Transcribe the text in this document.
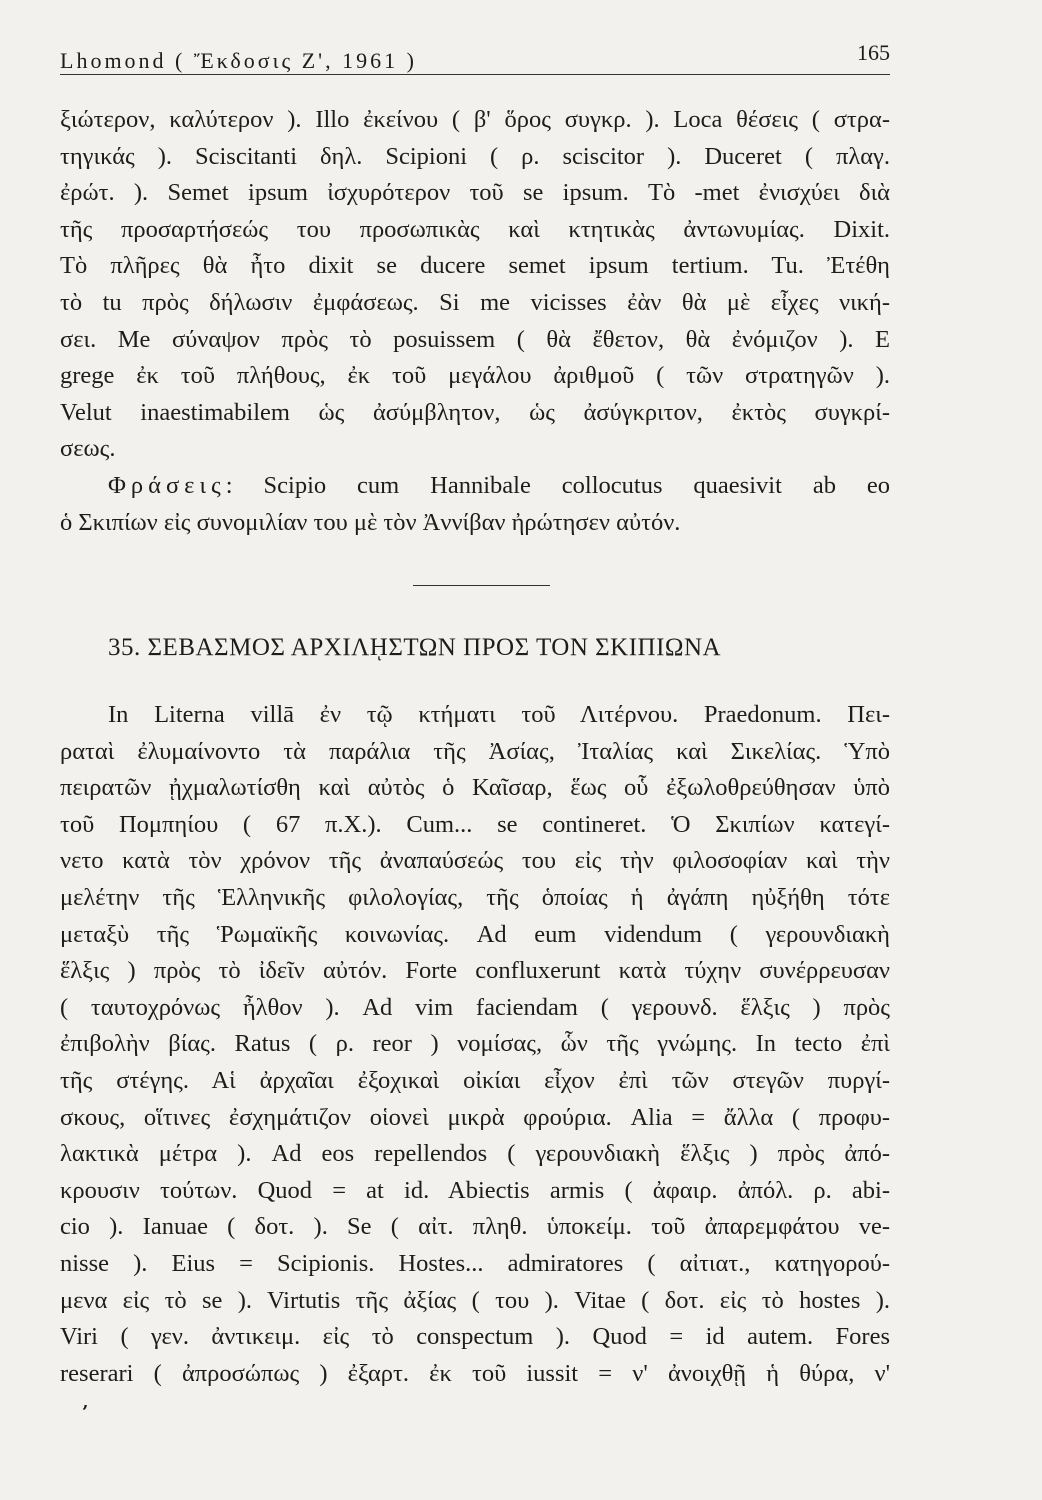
Lhomond ( Ἔκδοσις Ζ', 1961 )	165
ξιώτερον, καλύτερον ). Illo ἐκείνου ( β' ὅρος συγκρ. ). Loca θέσεις ( στρα-
τηγικάς ). Sciscitanti δηλ. Scipioni ( ρ. sciscitor ). Duceret ( πλαγ.
ἐρώτ. ). Semet ipsum ἰσχυρότερον τοῦ se ipsum. Τὸ -met ἐνισχύει διὰ
τῆς προσαρτήσεώς του προσωπικὰς καὶ κτητικὰς ἀντωνυμίας. Dixit.
Τὸ πλῆρες θὰ ἦτο dixit se ducere semet ipsum tertium. Tu. Ἐτέθη
τὸ tu πρὸς δήλωσιν ἐμφάσεως. Si me vicisses ἐὰν θὰ μὲ εἶχες νική-
σει. Me σύναψον πρὸς τὸ posuissem ( θὰ ἔθετον, θὰ ἐνόμιζον ). E
grege ἐκ τοῦ πλήθους, ἐκ τοῦ μεγάλου ἀριθμοῦ ( τῶν στρατηγῶν ).
Velut inaestimabilem ὡς ἀσύμβλητον, ὡς ἀσύγκριτον, ἐκτὸς συγκρί-
σεως.
Φράσεις: Scipio cum Hannibale collocutus quaesivit ab eo
ὁ Σκιπίων εἰς συνομιλίαν του μὲ τὸν Ἀννίβαν ἠρώτησεν αὐτόν.
35. ΣΕΒΑΣΜΟΣ ΑΡΧΙΛῌΣΤΩΝ ΠΡΟΣ ΤΟΝ ΣΚΙΠΙΩΝΑ
In Literna villā ἐν τῷ κτήματι τοῦ Λιτέρνου. Praedonum. Πει-
ραταὶ ἐλυμαίνοντο τὰ παράλια τῆς Ἀσίας, Ἰταλίας καὶ Σικελίας. Ὑπὸ
πειρατῶν ᾐχμαλωτίσθη καὶ αὐτὸς ὁ Καῖσαρ, ἕως οὗ ἐξωλοθρεύθησαν ὑπὸ
τοῦ Πομπηίου ( 67 π.Χ.). Cum... se contineret. Ὁ Σκιπίων κατεγί-
νετο κατὰ τὸν χρόνον τῆς ἀναπαύσεώς του εἰς τὴν φιλοσοφίαν καὶ τὴν
μελέτην τῆς Ἑλληνικῆς φιλολογίας, τῆς ὁποίας ἡ ἀγάπη ηὐξήθη τότε
μεταξὺ τῆς Ῥωμαϊκῆς κοινωνίας. Ad eum videndum ( γερουνδιακὴ
ἕλξις ) πρὸς τὸ ἰδεῖν αὐτόν. Forte confluxerunt κατὰ τύχην συνέρρευσαν
( ταυτοχρόνως ἦλθον ). Ad vim faciendam ( γερουνδ. ἕλξις ) πρὸς
ἐπιβολὴν βίας. Ratus ( ρ. reor ) νομίσας, ὧν τῆς γνώμης. In tecto ἐπὶ
τῆς στέγης. Αἱ ἀρχαῖαι ἐξοχικαὶ οἰκίαι εἶχον ἐπὶ τῶν στεγῶν πυργί-
σκους, οἵτινες ἐσχημάτιζον οἱονεὶ μικρὰ φρούρια. Alia = ἄλλα ( προφυ-
λακτικὰ μέτρα ). Ad eos repellendos ( γερουνδιακὴ ἕλξις ) πρὸς ἀπό-
κρουσιν τούτων. Quod = at id. Abiectis armis ( ἀφαιρ. ἀπόλ. ρ. abi-
cio ). Ianuae ( δοτ. ). Se ( αἰτ. πληθ. ὑποκείμ. τοῦ ἀπαρεμφάτου ve-
nisse ). Eius = Scipionis. Hostes... admiratores ( αἰτιατ., κατηγορού-
μενα εἰς τὸ se ). Virtutis τῆς ἀξίας ( του ). Vitae ( δοτ. εἰς τὸ hostes ).
Viri ( γεν. ἀντικειμ. εἰς τὸ conspectum ). Quod = id autem. Fores
reserari ( ἀπροσώπως ) ἐξαρτ. ἐκ τοῦ iussit = ν' ἀνοιχθῇ ἡ θύρα, ν'
’
